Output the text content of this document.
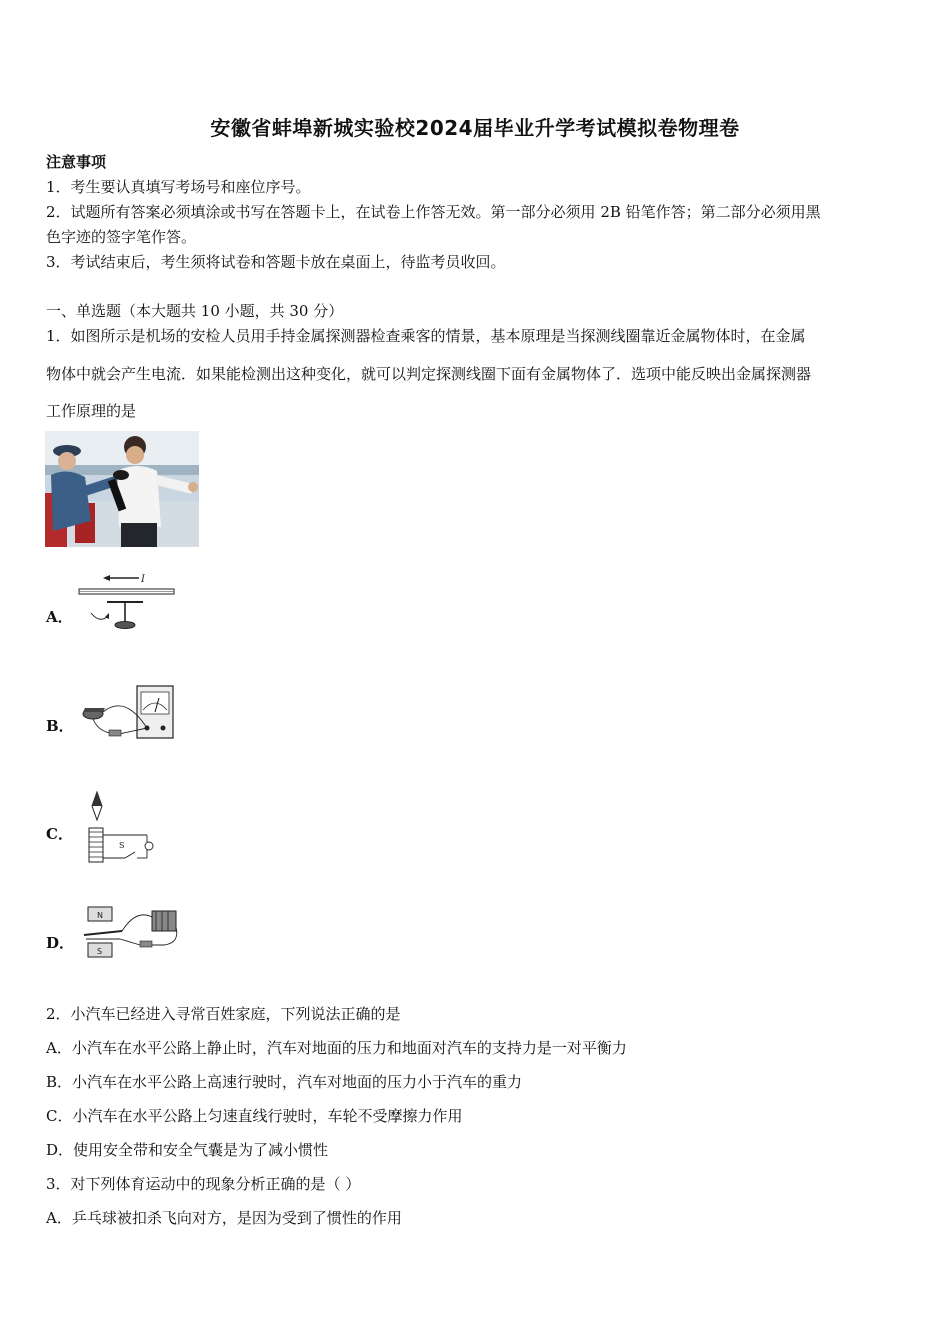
安徽省蚌埠新城实验校2024届毕业升学考试模拟卷物理卷
注意事项
1．考生要认真填写考场号和座位序号。
2．试题所有答案必须填涂或书写在答题卡上，在试卷上作答无效。第一部分必须用 2B 铅笔作答；第二部分必须用黑
色字迹的签字笔作答。
3．考试结束后，考生须将试卷和答题卡放在桌面上，待监考员收回。
一、单选题（本大题共 10 小题，共 30 分）
1．如图所示是机场的安检人员用手持金属探测器检查乘客的情景，基本原理是当探测线圈靠近金属物体时，在金属
物体中就会产生电流．如果能检测出这种变化，就可以判定探测线圈下面有金属物体了．选项中能反映出金属探测器
工作原理的是
A．
I
B．
C．
S
D．
N
S
2．小汽车已经进入寻常百姓家庭，下列说法正确的是
A．小汽车在水平公路上静止时，汽车对地面的压力和地面对汽车的支持力是一对平衡力
B．小汽车在水平公路上高速行驶时，汽车对地面的压力小于汽车的重力
C．小汽车在水平公路上匀速直线行驶时，车轮不受摩擦力作用
D．使用安全带和安全气囊是为了减小惯性
3．对下列体育运动中的现象分析正确的是（ ）
A．乒乓球被扣杀飞向对方，是因为受到了惯性的作用
